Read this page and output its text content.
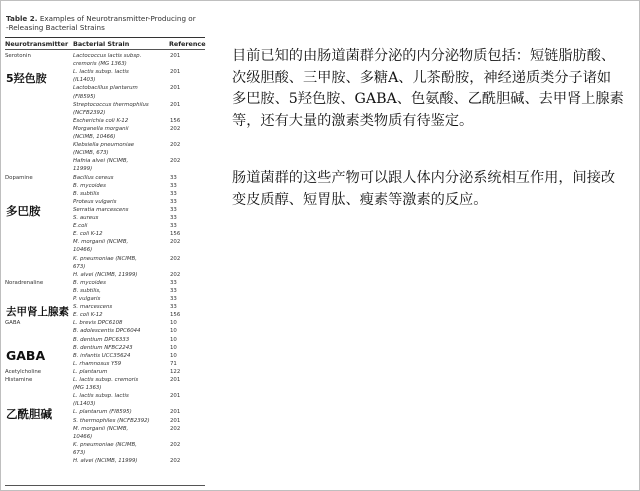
Table 2. Examples of Neurotransmitter-Producing or
-Releasing Bacterial Strains
Neurotransmitter Bacterial Strain	Reference
Serotonin	Lactococcus lactis subsp.	201
cremoris (MG 1363)
L. lactis subsp. lactis	201
(IL1403)
Lactobacillus plantarum	201
(FI8595)
Streptococcus thermophilus	201
(NCFB2392)
Escherichia coli K-12	156
Morganella morganii	202
(NCIMB, 10466)
Klebsiella pneumoniae	202
(NCIMB, 673)
Hafnia alvei (NCIMB,	202
11999)
Dopamine	Bacillus cereus	33
B. mycoides	33
B. subtilis	33
Proteus vulgaris	33
Serratia marcescens	33
S. aureus	33
E.coli	33
E. coli K-12	156
M. morganii (NCIMB,	202
10466)
K. pneumoniae (NCIMB,	202
673)
H. alvei (NCIMB, 11999)	202
Noradrenaline	B. mycoides	33
B. subtilis,	33
P. vulgaris	33
S. marcescens	33
E. coli K-12	156
GABA	L. brevis DPC6108	10
B. adolescentis DPC6044	10
B. dentium DPC6333	10
B. dentium NFBC2243	10
B. infantis UCC35624	10
L. rhamnosus Y59	71
Acetylcholine	L. plantarum	122
Histamine	L. lactis subsp. cremoris	201
(MG 1363)
L. lactis subsp. lactis	201
(IL1403)
L. plantarum (FI8595)	201
S. thermophiles (NCFB2392)	201
M. morganii (NCIMB,	202
10466)
K. pneumoniae (NCIMB,	202
673)
H. alvei (NCIMB, 11999)	202
5羟色胺
多巴胺
去甲肾上腺素
GABA
乙酰胆碱
目前已知的由肠道菌群分泌的内分泌物质包括：短链脂肪酸、次级胆酸、三甲胺、多糖A、儿茶酚胺，神经递质类分子诸如多巴胺、5羟色胺、GABA、色氨酸、乙酰胆碱、去甲肾上腺素等，还有大量的激素类物质有待鉴定。
肠道菌群的这些产物可以跟人体内分泌系统相互作用，间接改变皮质醇、短胃肽、瘦素等激素的反应。
